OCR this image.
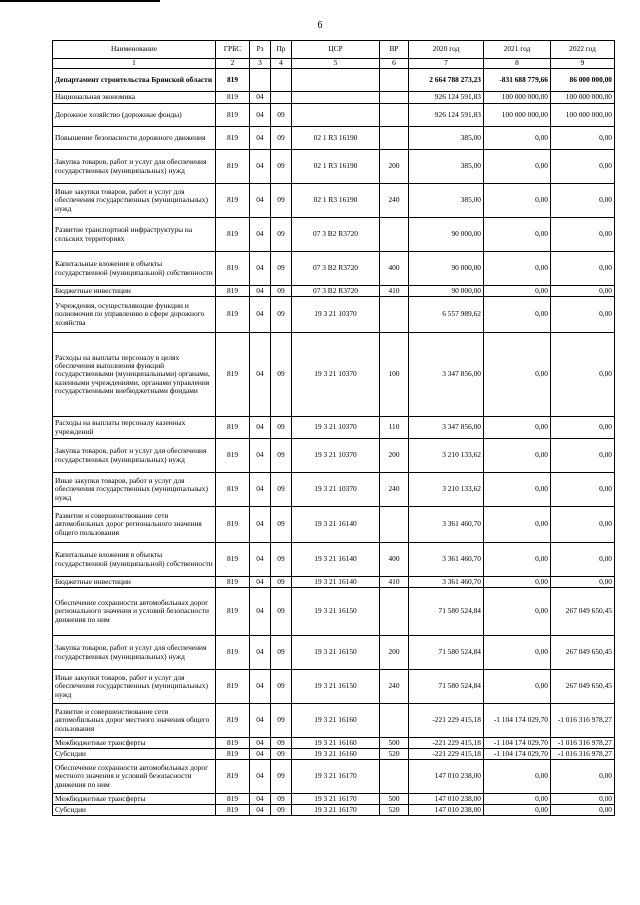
6
Наименование	ГРБС	Рз	Пр	ЦСР	ВР	2020 год	2021 год	2022 год
1	2	3	4	5	6	7	8	9
Департамент строительства Брянской области	819					2 664 788 273,23	-831 688 779,66	86 000 000,00
Национальная экономика	819	04				926 124 591,83	100 000 000,00	100 000 000,00
Дорожное хозяйство (дорожные фонды)	819	04	09			926 124 591,83	100 000 000,00	100 000 000,00
Повышение безопасности дорожного движения	819	04	09	02 1 R3 16190		385,00	0,00	0,00
Закупка товаров, работ и услуг для обеспечения государственных (муниципальных) нужд	819	04	09	02 1 R3 16190	200	385,00	0,00	0,00
Иные закупки товаров, работ и услуг для обеспечения государственных (муниципальных) нужд	819	04	09	02 1 R3 16190	240	385,00	0,00	0,00
Развитие транспортной инфраструктуры на сельских территориях	819	04	09	07 3 B2 R3720		90 000,00	0,00	0,00
Капитальные вложения в объекты государственной (муниципальной) собственности	819	04	09	07 3 B2 R3720	400	90 000,00	0,00	0,00
Бюджетные инвестиции	819	04	09	07 3 B2 R3720	410	90 000,00	0,00	0,00
Учреждения, осуществляющие функции и полномочия по управлению в сфере дорожного хозяйства	819	04	09	19 3 21 10370		6 557 989,62	0,00	0,00
Расходы на выплаты персоналу в целях обеспечения выполнения функций государственными (муниципальными) органами, казенными учреждениями, органами управления государственными внебюджетными фондами	819	04	09	19 3 21 10370	100	3 347 856,00	0,00	0,00
Расходы на выплаты персоналу казенных учреждений	819	04	09	19 3 21 10370	110	3 347 856,00	0,00	0,00
Закупка товаров, работ и услуг для обеспечения государственных (муниципальных) нужд	819	04	09	19 3 21 10370	200	3 210 133,62	0,00	0,00
Иные закупки товаров, работ и услуг для обеспечения государственных (муниципальных) нужд	819	04	09	19 3 21 10370	240	3 210 133,62	0,00	0,00
Развитие и совершенствование сети автомобильных дорог регионального значения общего пользования	819	04	09	19 3 21 16140		3 361 460,70	0,00	0,00
Капитальные вложения в объекты государственной (муниципальной) собственности	819	04	09	19 3 21 16140	400	3 361 460,70	0,00	0,00
Бюджетные инвестиции	819	04	09	19 3 21 16140	410	3 361 460,70	0,00	0,00
Обеспечение сохранности автомобильных дорог регионального значения и условий безопасности движения по ним	819	04	09	19 3 21 16150		71 580 524,84	0,00	267 049 650,45
Закупка товаров, работ и услуг для обеспечения государственных (муниципальных) нужд	819	04	09	19 3 21 16150	200	71 580 524,84	0,00	267 049 650,45
Иные закупки товаров, работ и услуг для обеспечения государственных (муниципальных) нужд	819	04	09	19 3 21 16150	240	71 580 524,84	0,00	267 049 650,45
Развитие и совершенствование сети автомобильных дорог местного значения общего пользования	819	04	09	19 3 21 16160		-221 229 415,18	-1 104 174 029,70	-1 016 316 978,27
Межбюджетные трансферты	819	04	09	19 3 21 16160	500	-221 229 415,18	-1 104 174 029,70	-1 016 316 978,27
Субсидии	819	04	09	19 3 21 16160	520	-221 229 415,18	-1 104 174 029,70	-1 016 316 978,27
Обеспечение сохранности автомобильных дорог местного значения и условий безопасности движения по ним	819	04	09	19 3 21 16170		147 010 238,00	0,00	0,00
Межбюджетные трансферты	819	04	09	19 3 21 16170	500	147 010 238,00	0,00	0,00
Субсидии	819	04	09	19 3 21 16170	520	147 010 238,00	0,00	0,00
